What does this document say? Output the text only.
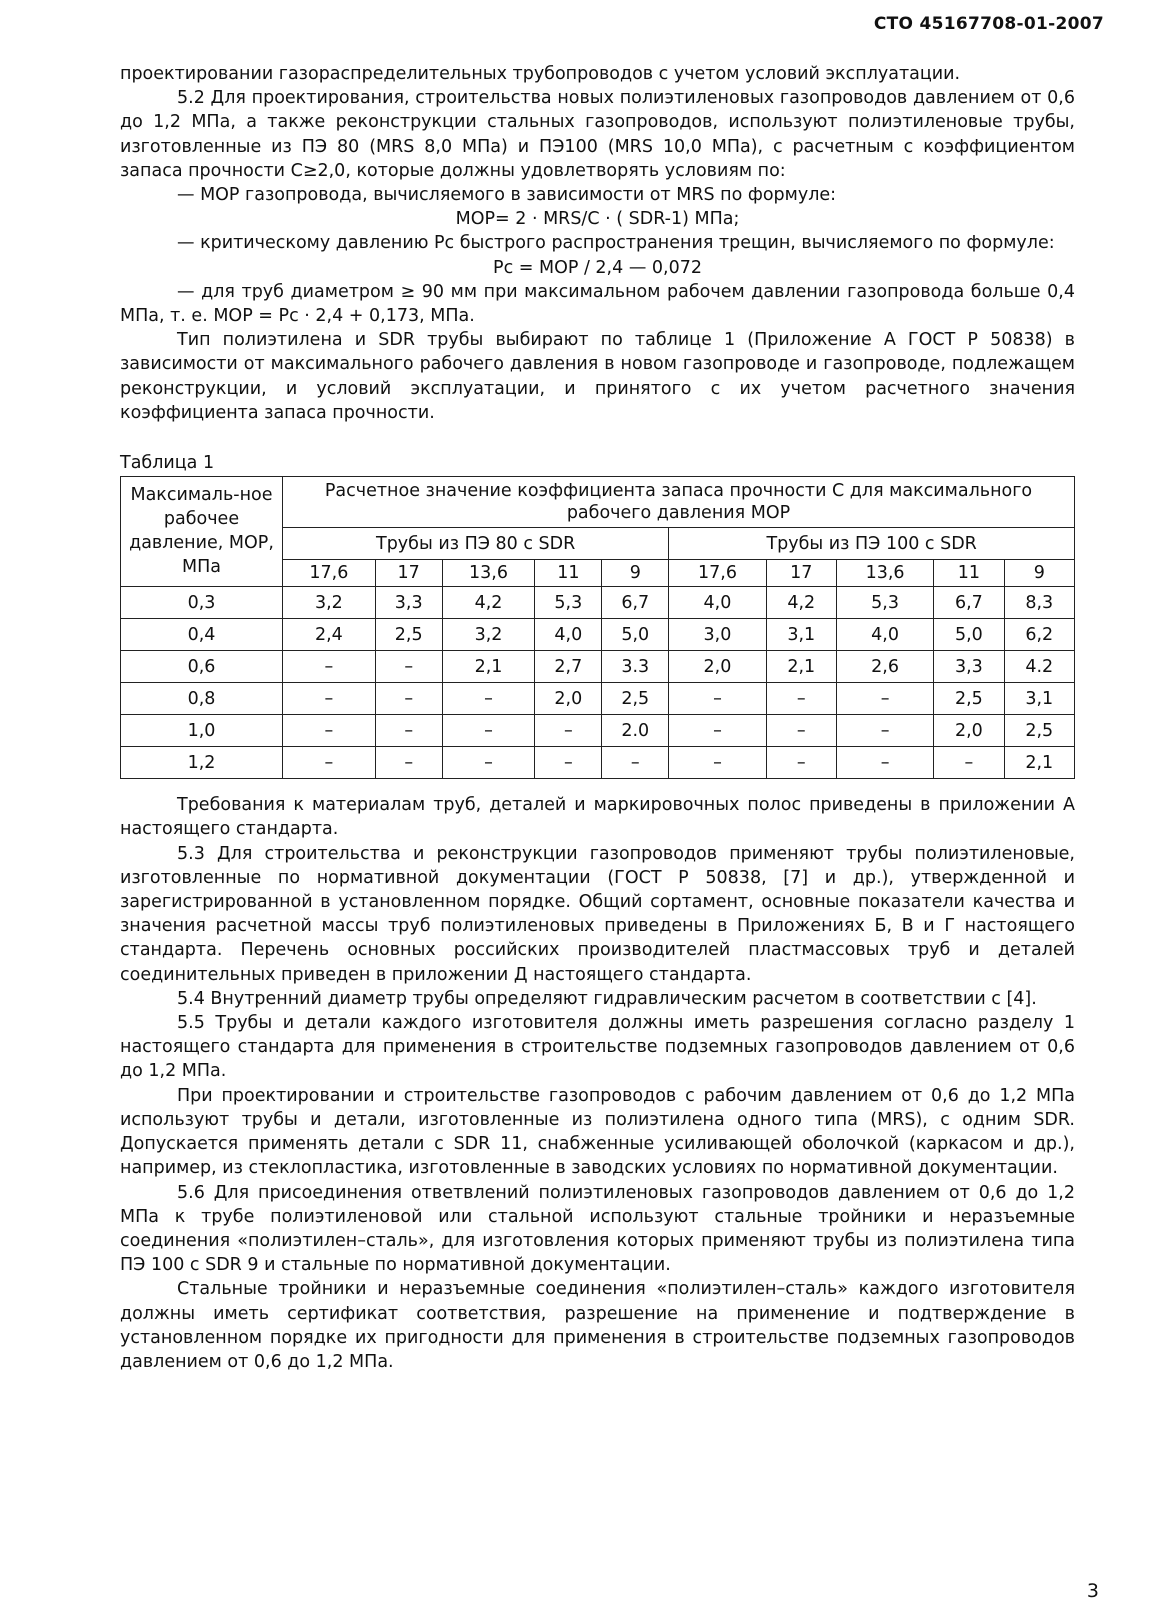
СТО 45167708-01-2007

проектировании газораспределительных трубопроводов с учетом условий эксплуатации.

5.2 Для проектирования, строительства новых полиэтиленовых газопроводов давлением от 0,6 до 1,2 МПа, а также реконструкции стальных газопроводов, используют полиэтиленовые трубы, изготовленные из ПЭ 80 (MRS 8,0 МПа) и ПЭ100 (MRS 10,0 МПа), с расчетным с коэффициентом запаса прочности С≥2,0, которые должны удовлетворять условиям по:

— МОР газопровода, вычисляемого в зависимости от MRS по формуле:

МОР= 2 · MRS/С · ( SDR-1) МПа;

— критическому давлению Рс быстрого распространения трещин, вычисляемого по формуле:

Рс = МОР / 2,4 — 0,072

— для труб диаметром ≥ 90 мм при максимальном рабочем давлении газопровода больше 0,4 МПа, т. е. МОР = Рс · 2,4 + 0,173, МПа.

Тип полиэтилена и SDR трубы выбирают по таблице 1 (Приложение А ГОСТ Р 50838) в зависимости от максимального рабочего давления в новом газопроводе и газопроводе, подлежащем реконструкции, и условий эксплуатации, и принятого с их учетом расчетного значения коэффициента запаса прочности.

Таблица 1

Максималь-ное рабочее давление, МОР, МПа	Расчетное значение коэффициента запаса прочности С для максимального рабочего давления МОР									
	Трубы из ПЭ 80 с SDR					Трубы из ПЭ 100 с SDR				
	17,6	17	13,6	11	9	17,6	17	13,6	11	9
0,3	3,2	3,3	4,2	5,3	6,7	4,0	4,2	5,3	6,7	8,3
0,4	2,4	2,5	3,2	4,0	5,0	3,0	3,1	4,0	5,0	6,2
0,6	–	–	2,1	2,7	3.3	2,0	2,1	2,6	3,3	4.2
0,8	–	–	–	2,0	2,5	–	–	–	2,5	3,1
1,0	–	–	–	–	2.0	–	–	–	2,0	2,5
1,2	–	–	–	–	–	–	–	–	–	2,1

Требования к материалам труб, деталей и маркировочных полос приведены в приложении А настоящего стандарта.

5.3 Для строительства и реконструкции газопроводов применяют трубы полиэтиленовые, изготовленные по нормативной документации (ГОСТ Р 50838, [7] и др.), утвержденной и зарегистрированной в установленном порядке. Общий сортамент, основные показатели качества и значения расчетной массы труб полиэтиленовых приведены в Приложениях Б, В и Г настоящего стандарта. Перечень основных российских производителей пластмассовых труб и деталей соединительных приведен в приложении Д настоящего стандарта.

5.4 Внутренний диаметр трубы определяют гидравлическим расчетом в соответствии с [4].

5.5 Трубы и детали каждого изготовителя должны иметь разрешения согласно разделу 1 настоящего стандарта для применения в строительстве подземных газопроводов давлением от 0,6 до 1,2 МПа.

При проектировании и строительстве газопроводов с рабочим давлением от 0,6 до 1,2 МПа используют трубы и детали, изготовленные из полиэтилена одного типа (MRS), с одним SDR. Допускается применять детали с SDR 11, снабженные усиливающей оболочкой (каркасом и др.), например, из стеклопластика, изготовленные в заводских условиях по нормативной документации.

5.6 Для присоединения ответвлений полиэтиленовых газопроводов давлением от 0,6 до 1,2 МПа к трубе полиэтиленовой или стальной используют стальные тройники и неразъемные соединения «полиэтилен–сталь», для изготовления которых применяют трубы из полиэтилена типа ПЭ 100 с SDR 9 и стальные по нормативной документации.

Стальные тройники и неразъемные соединения «полиэтилен–сталь» каждого изготовителя должны иметь сертификат соответствия, разрешение на применение и подтверждение в установленном порядке их пригодности для применения в строительстве подземных газопроводов давлением от 0,6 до 1,2 МПа.

3
